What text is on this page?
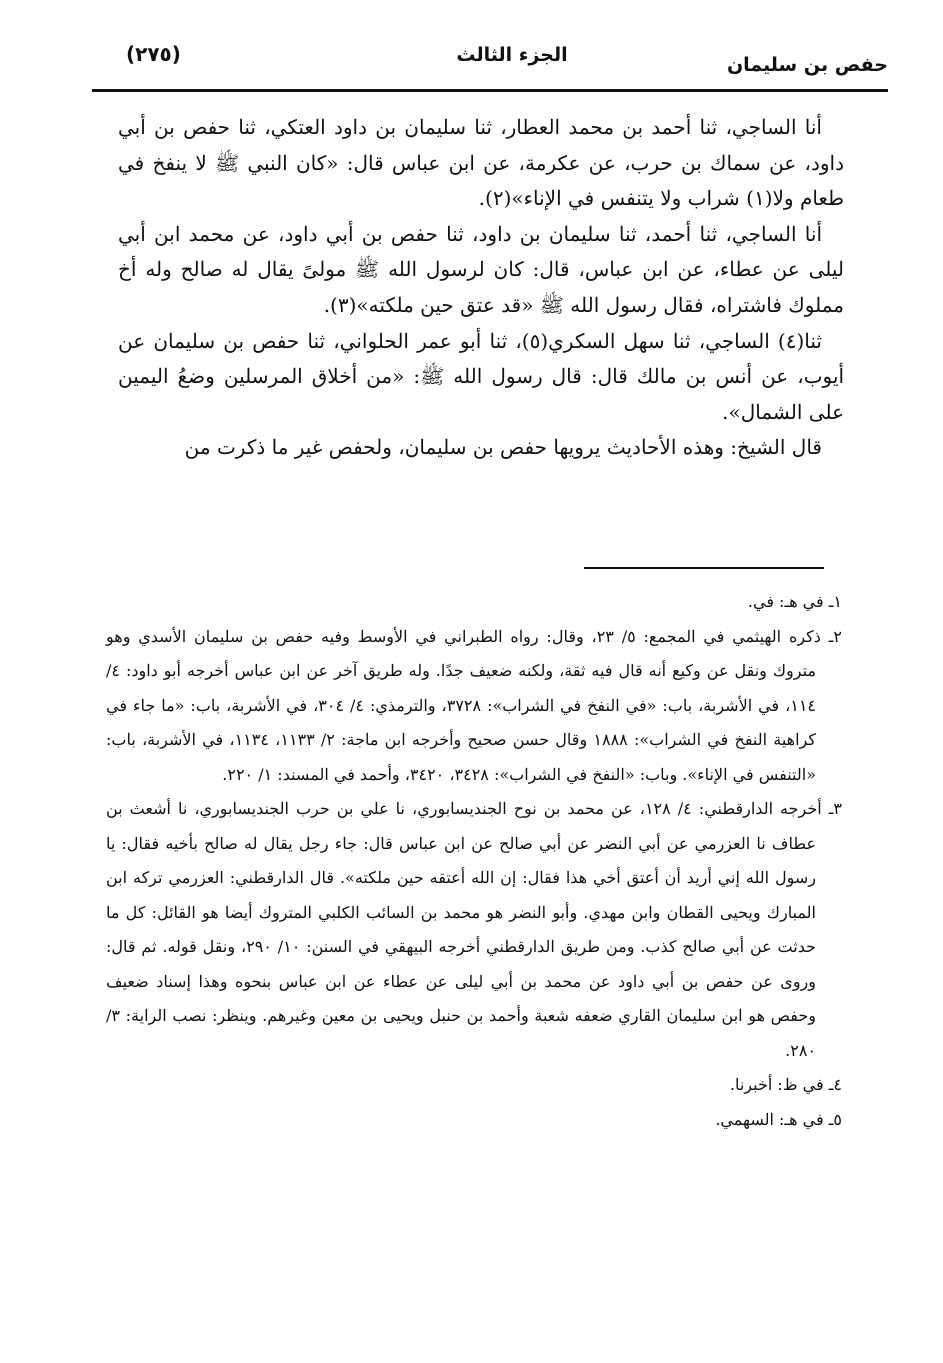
حفص بن سليمان
الجزء الثالث
(٢٧٥)

أنا الساجي، ثنا أحمد بن محمد العطار، ثنا سليمان بن داود العتكي، ثنا حفص بن أبي داود، عن سماك بن حرب، عن عكرمة، عن ابن عباس قال: «كان النبي ﷺ لا ينفخ في طعام ولا(١) شراب ولا يتنفس في الإناء»(٢).

أنا الساجي، ثنا أحمد، ثنا سليمان بن داود، ثنا حفص بن أبي داود، عن محمد ابن أبي ليلى عن عطاء، عن ابن عباس، قال: كان لرسول الله ﷺ مولىً يقال له صالح وله أخ مملوك فاشتراه، فقال رسول الله ﷺ «قد عتق حين ملكته»(٣).

ثنا(٤) الساجي، ثنا سهل السكري(٥)، ثنا أبو عمر الحلواني، ثنا حفص بن سليمان عن أيوب، عن أنس بن مالك قال: قال رسول الله ﷺ: «من أخلاق المرسلين وضعُ اليمين على الشمال».

قال الشيخ: وهذه الأحاديث يرويها حفص بن سليمان، ولحفص غير ما ذكرت من

١ـ في هـ: في.

٢ـ ذكره الهيثمي في المجمع: ٥/ ٢٣، وقال: رواه الطبراني في الأوسط وفيه حفص بن سليمان الأسدي وهو متروك ونقل عن وكيع أنه قال فيه ثقة، ولكنه ضعيف جدًا. وله طريق آخر عن ابن عباس أخرجه أبو داود: ٤/ ١١٤، في الأشربة، باب: «في النفخ في الشراب»: ٣٧٢٨، والترمذي: ٤/ ٣٠٤، في الأشربة، باب: «ما جاء في كراهية النفخ في الشراب»: ١٨٨٨ وقال حسن صحيح وأخرجه ابن ماجة: ٢/ ١١٣٣، ١١٣٤، في الأشربة، باب: «التنفس في الإناء». وباب: «النفخ في الشراب»: ٣٤٢٨، ٣٤٢٠، وأحمد في المسند: ١/ ٢٢٠.

٣ـ أخرجه الدارقطني: ٤/ ١٢٨، عن محمد بن نوح الجنديسابوري، نا علي بن حرب الجنديسابوري، نا أشعث بن عطاف نا العزرمي عن أبي النضر عن أبي صالح عن ابن عباس قال: جاء رجل يقال له صالح بأخيه فقال: يا رسول الله إني أريد أن أعتق أخي هذا فقال: إن الله أعتقه حين ملكته». قال الدارقطني: العزرمي تركه ابن المبارك ويحيى القطان وابن مهدي. وأبو النضر هو محمد بن السائب الكلبي المتروك أيضا هو القائل: كل ما حدثت عن أبي صالح كذب. ومن طريق الدارقطني أخرجه البيهقي في السنن: ١٠/ ٢٩٠، ونقل قوله. ثم قال: وروى عن حفص بن أبي داود عن محمد بن أبي ليلى عن عطاء عن ابن عباس بنحوه وهذا إسناد ضعيف وحفص هو ابن سليمان القاري ضعفه شعبة وأحمد بن حنبل ويحيى بن معين وغيرهم. وينظر: نصب الراية: ٣/ ٢٨٠.

٤ـ في ظ: أخبرنا.

٥ـ في هـ: السهمي.
